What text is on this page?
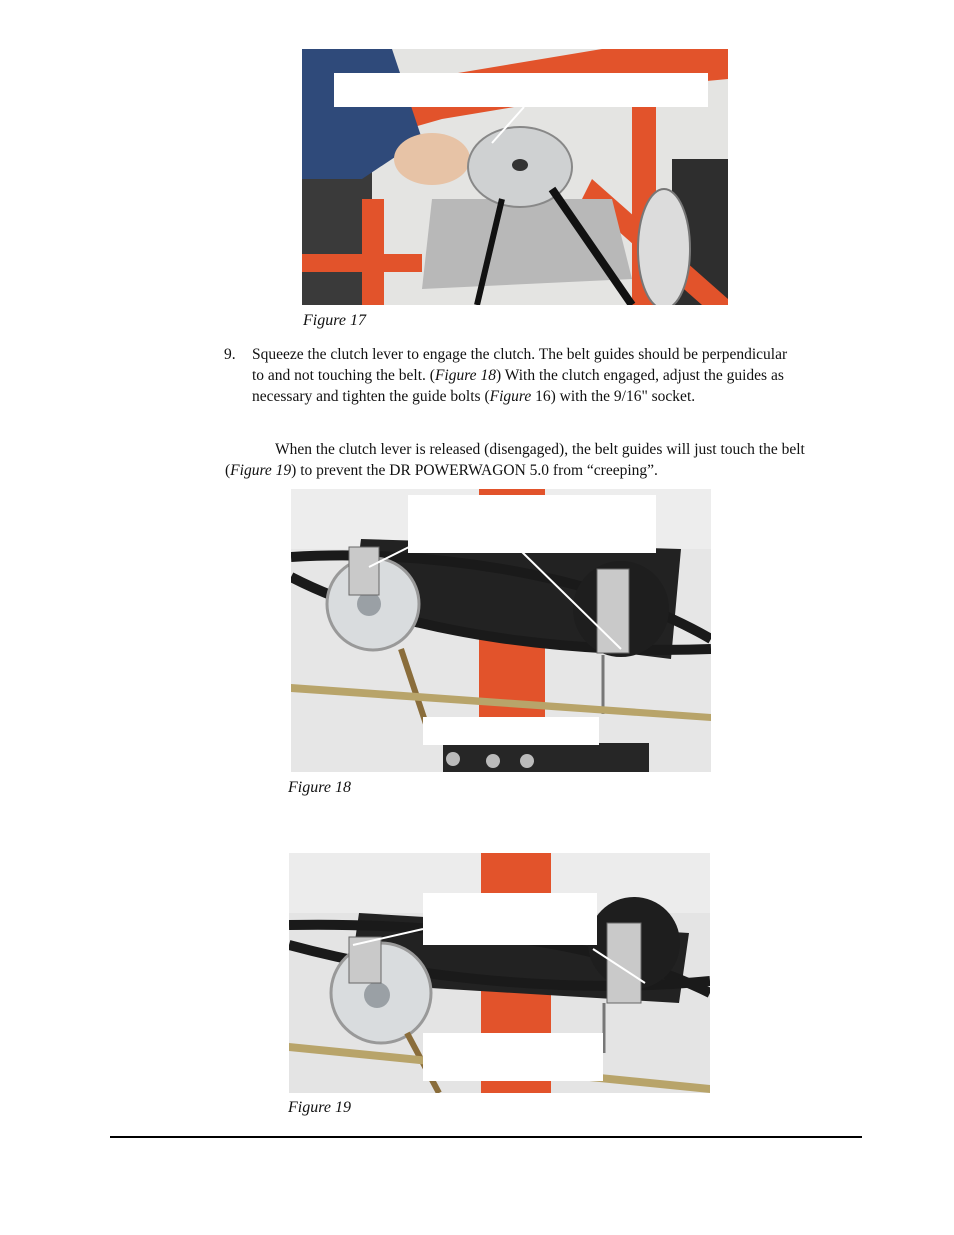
Figure 17
9. Squeeze the clutch lever to engage the clutch. The belt guides should be perpendicular
to and not touching the belt. (Figure 18) With the clutch engaged, adjust the guides as
necessary and tighten the guide bolts (Figure 16) with the 9/16" socket.
When the clutch lever is released (disengaged), the belt guides will just touch the belt
(Figure 19) to prevent the DR POWERWAGON 5.0 from “creeping”.
Figure 18
Figure 19
